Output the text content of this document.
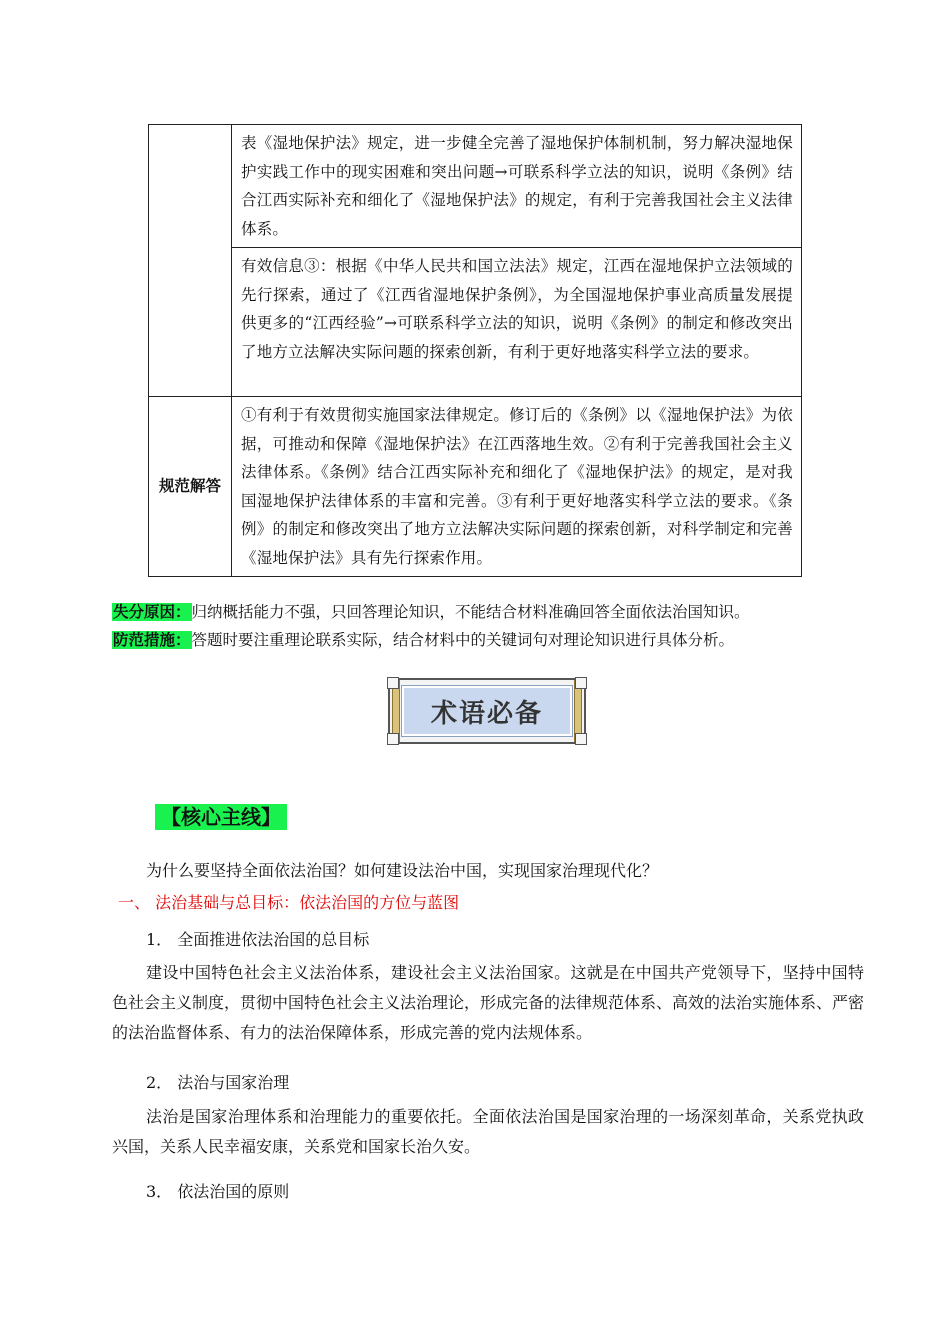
	表《湿地保护法》规定，进一步健全完善了湿地保护体制机制，努力解决湿地保护实践工作中的现实困难和突出问题→可联系科学立法的知识，说明《条例》结合江西实际补充和细化了《湿地保护法》的规定，有利于完善我国社会主义法律体系。
	有效信息③：根据《中华人民共和国立法法》规定，江西在湿地保护立法领域的先行探索，通过了《江西省湿地保护条例》，为全国湿地保护事业高质量发展提供更多的“江西经验”→可联系科学立法的知识，说明《条例》的制定和修改突出了地方立法解决实际问题的探索创新，有利于更好地落实科学立法的要求。
规范解答	①有利于有效贯彻实施国家法律规定。修订后的《条例》以《湿地保护法》为依据，可推动和保障《湿地保护法》在江西落地生效。②有利于完善我国社会主义法律体系。《条例》结合江西实际补充和细化了《湿地保护法》的规定，是对我国湿地保护法律体系的丰富和完善。③有利于更好地落实科学立法的要求。《条例》的制定和修改突出了地方立法解决实际问题的探索创新，对科学制定和完善《湿地保护法》具有先行探索作用。
失分原因：归纳概括能力不强，只回答理论知识，不能结合材料准确回答全面依法治国知识。
防范措施：答题时要注重理论联系实际，结合材料中的关键词句对理论知识进行具体分析。
术语必备
【核心主线】
为什么要坚持全面依法治国？如何建设法治中国，实现国家治理现代化？
一、 法治基础与总目标：依法治国的方位与蓝图
1． 全面推进依法治国的总目标
建设中国特色社会主义法治体系，建设社会主义法治国家。这就是在中国共产党领导下，坚持中国特色社会主义制度，贯彻中国特色社会主义法治理论，形成完备的法律规范体系、高效的法治实施体系、严密的法治监督体系、有力的法治保障体系，形成完善的党内法规体系。
2． 法治与国家治理
法治是国家治理体系和治理能力的重要依托。全面依法治国是国家治理的一场深刻革命，关系党执政兴国，关系人民幸福安康，关系党和国家长治久安。
3． 依法治国的原则
